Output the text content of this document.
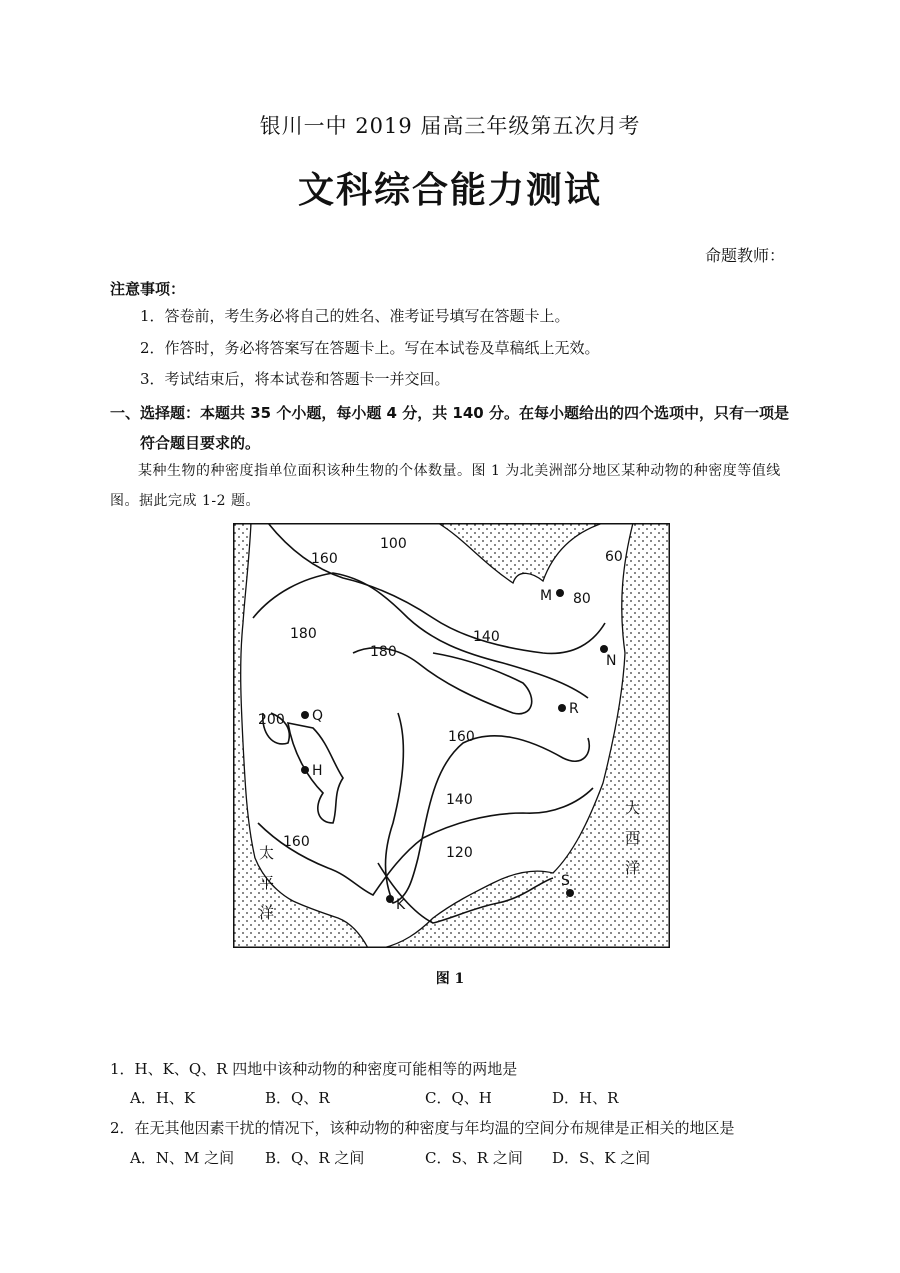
银川一中 2019 届高三年级第五次月考
文科综合能力测试
命题教师：
注意事项：
1．答卷前，考生务必将自己的姓名、准考证号填写在答题卡上。
2．作答时，务必将答案写在答题卡上。写在本试卷及草稿纸上无效。
3．考试结束后，将本试卷和答题卡一并交回。
一、选择题：本题共 35 个小题，每小题 4 分，共 140 分。在每小题给出的四个选项中，只有一项是
符合题目要求的。
某种生物的种密度指单位面积该种生物的个体数量。图 1 为北美洲部分地区某种动物的种密度等值线图。据此完成 1-2 题。
100
160	60
80
180	140
180
200
160
140
160
120
M
N
R
Q
H
K
S
太
平
洋
大
西
洋
图 1
1．H、K、Q、R 四地中该种动物的种密度可能相等的两地是
A．H、K	B．Q、R	C．Q、H	D．H、R
2．在无其他因素干扰的情况下，该种动物的种密度与年均温的空间分布规律是正相关的地区是
A．N、M 之间 B．Q、R 之间	C．S、R 之间 D．S、K 之间
